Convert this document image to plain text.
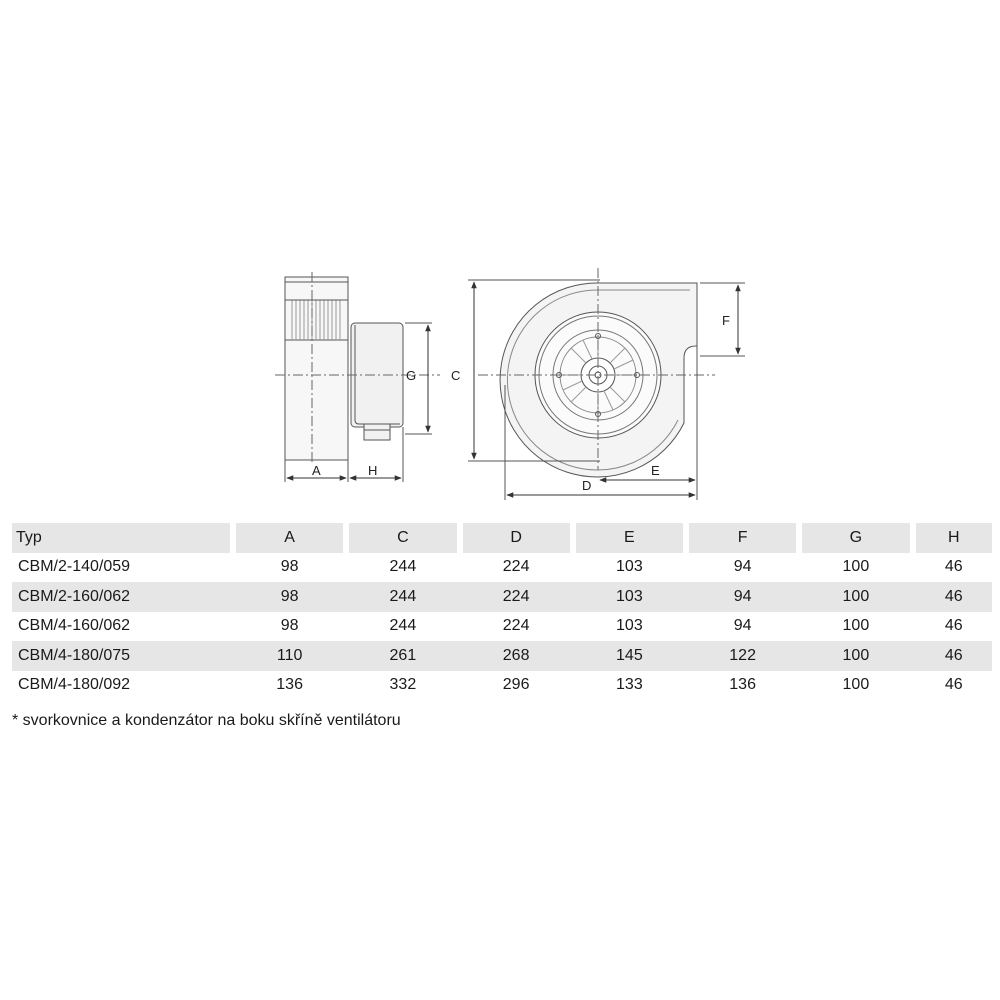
A	H
G	C
D
E
F
Typ	A	C	D	E	F	G	H
CBM/2-140/059	98	244	224	103	94	100	46
CBM/2-160/062	98	244	224	103	94	100	46
CBM/4-160/062	98	244	224	103	94	100	46
CBM/4-180/075	110	261	268	145	122	100	46
CBM/4-180/092	136	332	296	133	136	100	46
* svorkovnice a kondenzátor na boku skříně ventilátoru
